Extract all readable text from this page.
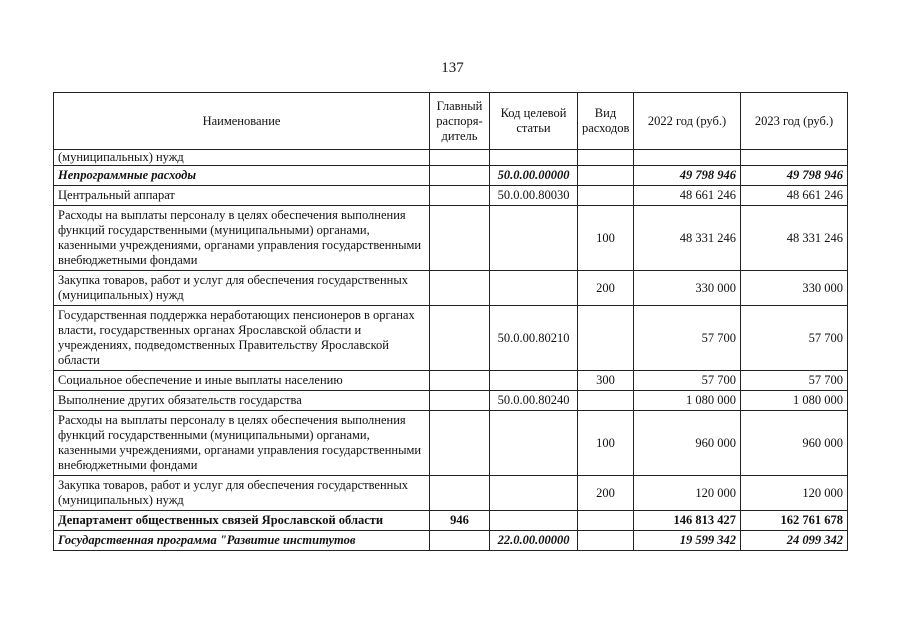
137
Наименование	Главный распоря-дитель	Код целевой статьи	Вид расходов	2022 год (руб.)	2023 год (руб.)
(муниципальных) нужд					
Непрограммные расходы		50.0.00.00000		49 798 946	49 798 946
Центральный аппарат		50.0.00.80030		48 661 246	48 661 246
Расходы на выплаты персоналу в целях обеспечения выполнения функций государственными (муниципальными) органами, казенными учреждениями, органами управления государственными внебюджетными фондами			100	48 331 246	48 331 246
Закупка товаров, работ и услуг для обеспечения государственных (муниципальных) нужд			200	330 000	330 000
Государственная поддержка неработающих пенсионеров в органах власти, государственных органах Ярославской области и учреждениях, подведомственных Правительству Ярославской области		50.0.00.80210		57 700	57 700
Социальное обеспечение и иные выплаты населению			300	57 700	57 700
Выполнение других обязательств государства		50.0.00.80240		1 080 000	1 080 000
Расходы на выплаты персоналу в целях обеспечения выполнения функций государственными (муниципальными) органами, казенными учреждениями, органами управления государственными внебюджетными фондами			100	960 000	960 000
Закупка товаров, работ и услуг для обеспечения государственных (муниципальных) нужд			200	120 000	120 000
Департамент общественных связей Ярославской области	946			146 813 427	162 761 678
Государственная программа "Развитие институтов		22.0.00.00000		19 599 342	24 099 342
